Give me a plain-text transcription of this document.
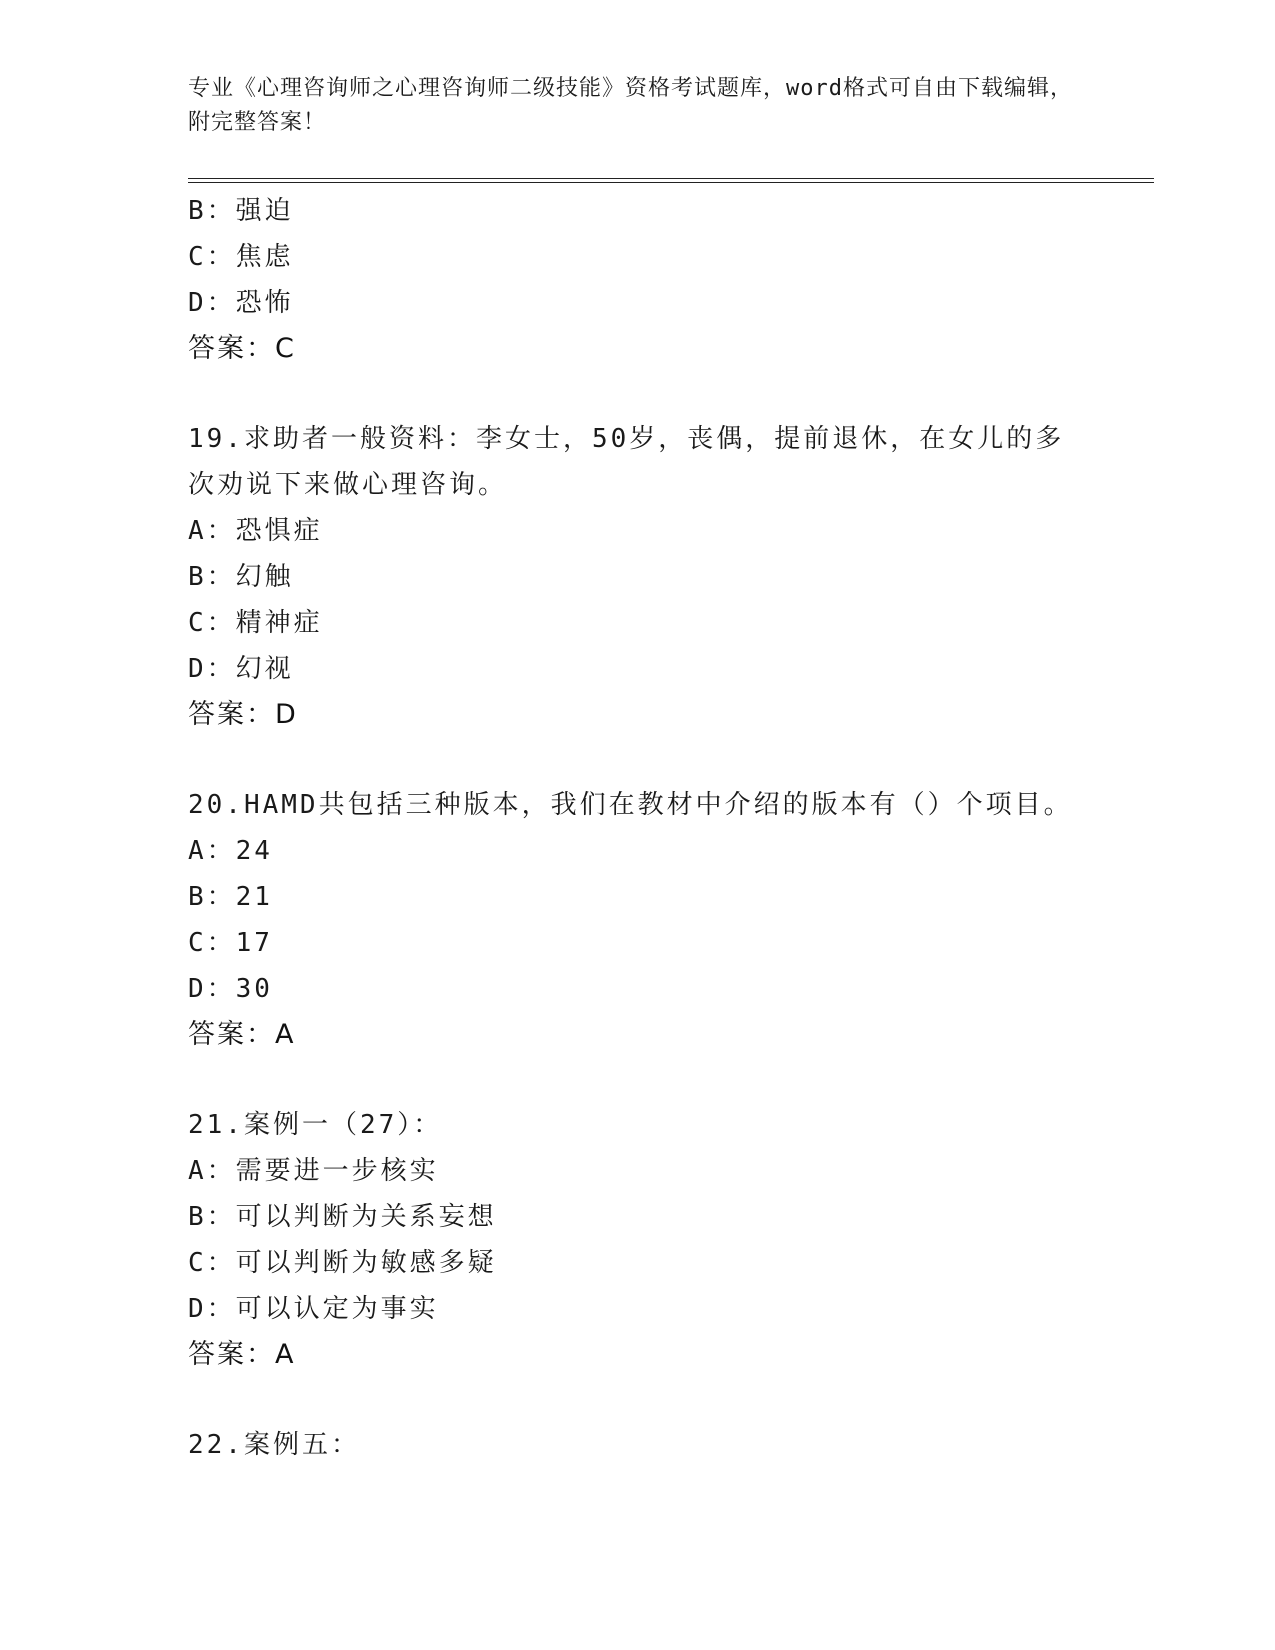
专业《心理咨询师之心理咨询师二级技能》资格考试题库，word格式可自由下载编辑，附完整答案！
B：强迫
C：焦虑
D：恐怖
答案：C
19.求助者一般资料：李女士，50岁，丧偶，提前退休，在女儿的多次劝说下来做心理咨询。
A：恐惧症
B：幻触
C：精神症
D：幻视
答案：D
20.HAMD共包括三种版本，我们在教材中介绍的版本有（）个项目。
A：24
B：21
C：17
D：30
答案：A
21.案例一（27）：
A：需要进一步核实
B：可以判断为关系妄想
C：可以判断为敏感多疑
D：可以认定为事实
答案：A
22.案例五：
